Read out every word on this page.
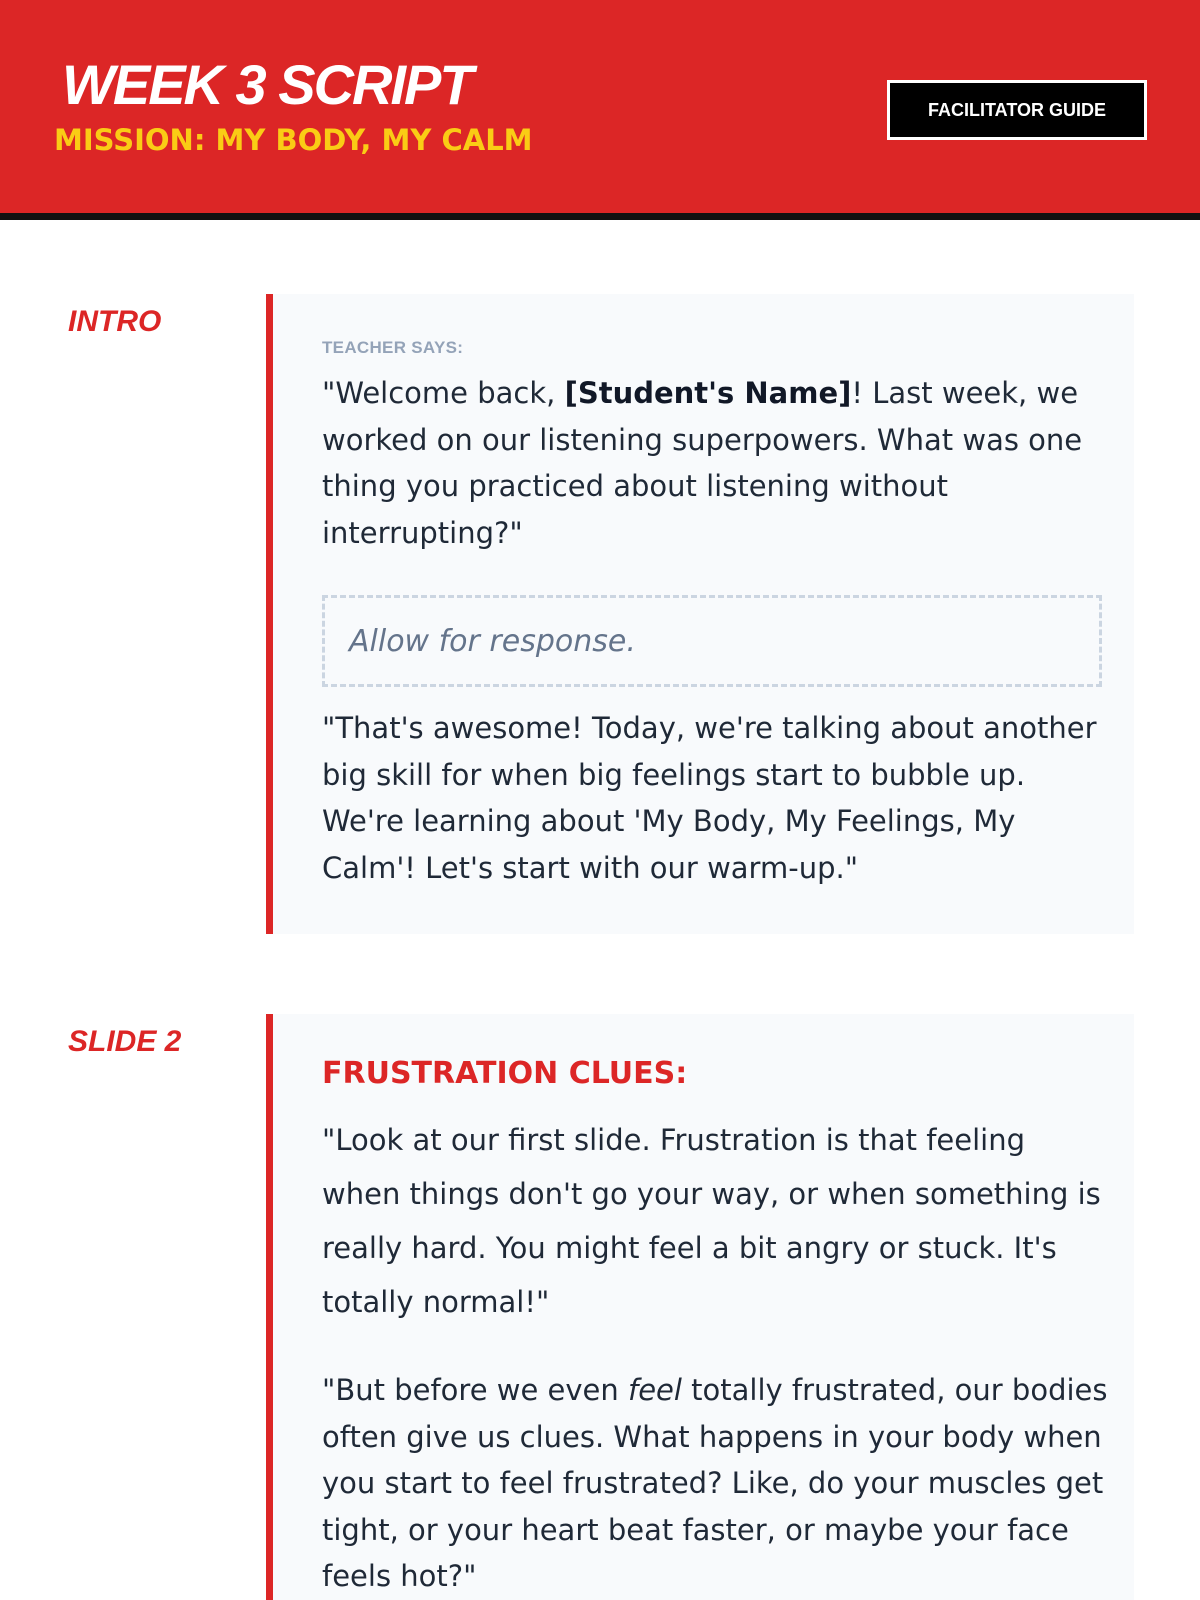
WEEK 3 SCRIPT
MISSION: MY BODY, MY CALM
FACILITATOR GUIDE
INTRO
TEACHER SAYS:

"Welcome back, [Student's Name]! Last week, we worked on our listening superpowers. What was one thing you practiced about listening without interrupting?"

Allow for response.

"That's awesome! Today, we're talking about another big skill for when big feelings start to bubble up. We're learning about 'My Body, My Feelings, My Calm'! Let's start with our warm-up."

SLIDE 2
FRUSTRATION CLUES:

"Look at our first slide. Frustration is that feeling when things don't go your way, or when something is really hard. You might feel a bit angry or stuck. It's totally normal!"

"But before we even feel totally frustrated, our bodies often give us clues. What happens in your body when you start to feel frustrated? Like, do your muscles get tight, or your heart beat faster, or maybe your face feels hot?"
